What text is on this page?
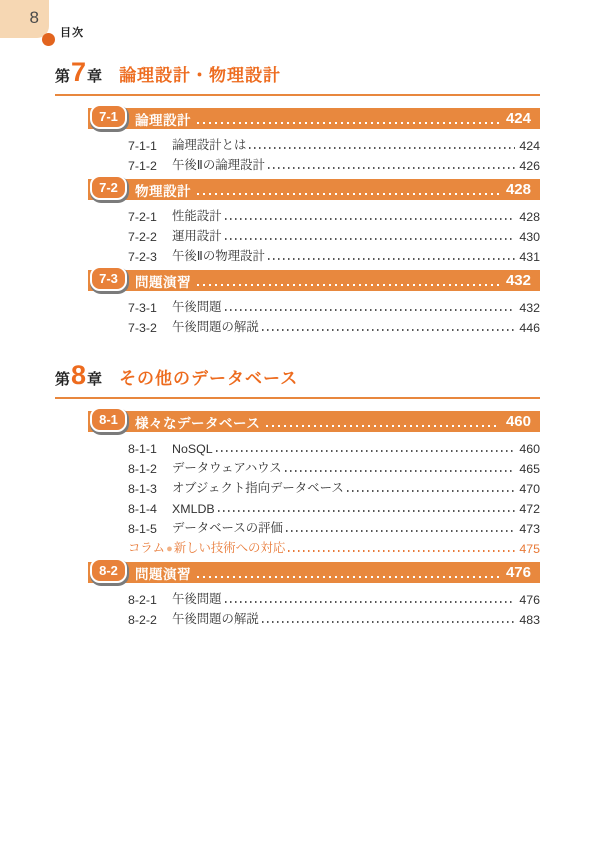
8
目次
第 7 章 論理設計・物理設計
7-1	論理設計	424
7-1-1	論理設計とは	424
7-1-2	午後Ⅱの論理設計	426
7-2	物理設計	428
7-2-1	性能設計	428
7-2-2	運用設計	430
7-2-3	午後Ⅱの物理設計	431
7-3	問題演習	432
7-3-1	午後問題	432
7-3-2	午後問題の解説	446
第 8 章 その他のデータベース
8-1	様々なデータベース	460
8-1-1	NoSQL	460
8-1-2	データウェアハウス	465
8-1-3	オブジェクト指向データベース	470
8-1-4	XMLDB	472
8-1-5	データベースの評価	473
コラム ● 新しい技術への対応	475
8-2	問題演習	476
8-2-1	午後問題	476
8-2-2	午後問題の解説	483
